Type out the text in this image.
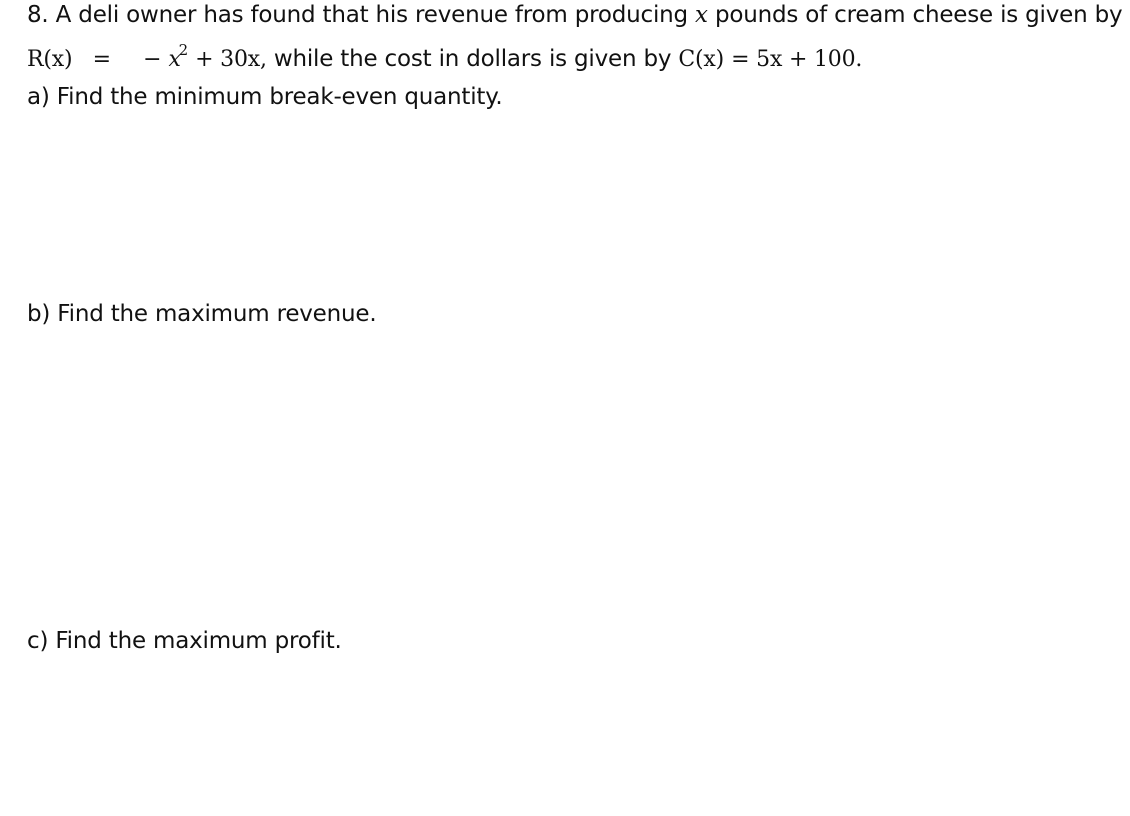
8. A deli owner has found that his revenue from producing x pounds of cream cheese is given by
R(x) = − $x^2 + 30x$, while the cost in dollars is given by C(x) = 5x + 100.
a) Find the minimum break-even quantity.
b) Find the maximum revenue.
c) Find the maximum profit.
